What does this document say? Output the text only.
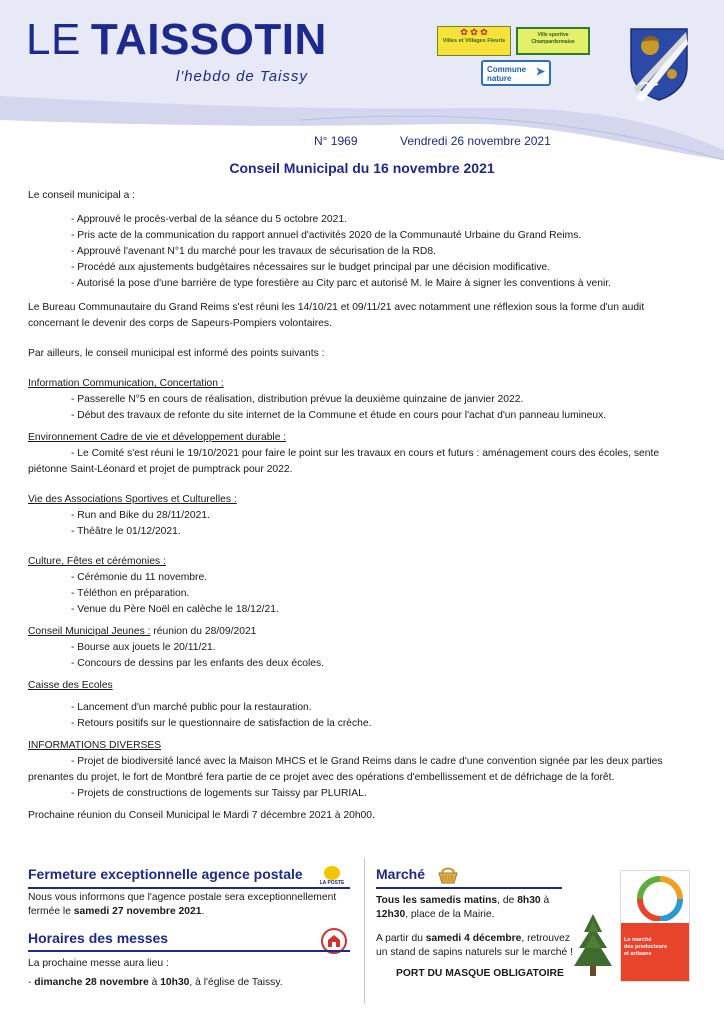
LE TAISSOTIN
l'hebdo de Taissy
✿ ✿ ✿
Villes et Villages Fleuris
Ville sportive Champardennaise
Commune
nature
➤
N° 1969	Vendredi 26 novembre 2021
Conseil Municipal du 16 novembre 2021

Le conseil municipal a :

- Approuvé le procès-verbal de la séance du 5 octobre 2021.

- Pris acte de la communication du rapport annuel d'activités 2020 de la Communauté Urbaine du Grand Reims.

- Approuvé l'avenant N°1 du marché pour les travaux de sécurisation de la RD8.

- Procédé aux ajustements budgétaires nécessaires sur le budget principal par une décision modificative.

- Autorisé la pose d'une barrière de type forestière au City parc et autorisé M. le Maire à signer les conventions à venir.

Le Bureau Communautaire du Grand Reims s'est réuni les 14/10/21 et 09/11/21 avec notamment une réflexion sous la forme d'un audit

concernant le devenir des corps de Sapeurs-Pompiers volontaires.

Par ailleurs, le conseil municipal est informé des points suivants :

Information Communication, Concertation :

- Passerelle N°5 en cours de réalisation, distribution prévue la deuxième quinzaine de janvier 2022.

- Début des travaux de refonte du site internet de la Commune et étude en cours pour l'achat d'un panneau lumineux.

Environnement Cadre de vie et développement durable :

- Le Comité s'est réuni le 19/10/2021 pour faire le point sur les travaux en cours et futurs : aménagement cours des écoles, sente

piétonne Saint-Léonard et projet de pumptrack pour 2022.

Vie des Associations Sportives et Culturelles :

- Run and Bike du 28/11/2021.

- Théâtre le 01/12/2021.

Culture, Fêtes et cérémonies :

- Cérémonie du 11 novembre.

- Téléthon en préparation.

- Venue du Père Noël en calèche le 18/12/21.

Conseil Municipal Jeunes : réunion du 28/09/2021

- Bourse aux jouets le 20/11/21.

- Concours de dessins par les enfants des deux écoles.

Caisse des Ecoles

- Lancement d'un marché public pour la restauration.

- Retours positifs sur le questionnaire de satisfaction de la crèche.

INFORMATIONS DIVERSES

- Projet de biodiversité lancé avec la Maison MHCS et le Grand Reims dans le cadre d'une convention signée par les deux parties

prenantes du projet, le fort de Montbré fera partie de ce projet avec des opérations d'embellissement et de défrichage de la forêt.

- Projets de constructions de logements sur Taissy par PLURIAL.

Prochaine réunion du Conseil Municipal le Mardi 7 décembre 2021 à 20h00.

Fermeture exceptionnelle agence postale
LA POSTE
Nous vous informons que l'agence postale sera exceptionnellement
fermée le samedi 27 novembre 2021.
Horaires des messes
La prochaine messe aura lieu :
- dimanche 28 novembre à 10h30, à l'église de Taissy.
Marché
Tous les samedis matins, de 8h30 à
12h30, place de la Mairie.
A partir du samedi 4 décembre, retrouvez
un stand de sapins naturels sur le marché !
PORT DU MASQUE OBLIGATOIRE
Le marché
des producteurs
et artisans
